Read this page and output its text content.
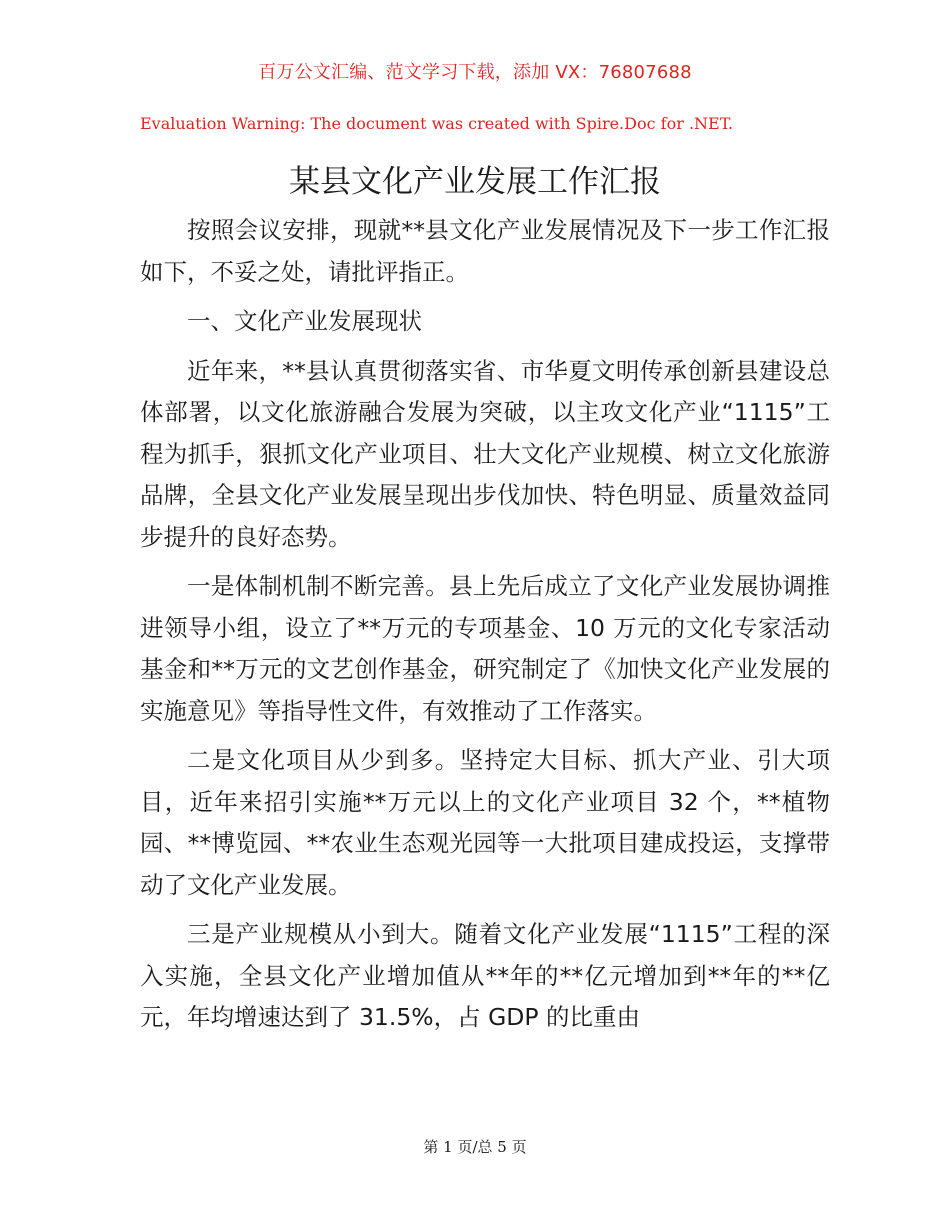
百万公文汇编、范文学习下载，添加 VX：76807688
Evaluation Warning: The document was created with Spire.Doc for .NET.
某县文化产业发展工作汇报

按照会议安排，现就**县文化产业发展情况及下一步工作汇报如下，不妥之处，请批评指正。

一、文化产业发展现状

近年来，**县认真贯彻落实省、市华夏文明传承创新县建设总体部署，以文化旅游融合发展为突破，以主攻文化产业“1115”工程为抓手，狠抓文化产业项目、壮大文化产业规模、树立文化旅游品牌，全县文化产业发展呈现出步伐加快、特色明显、质量效益同步提升的良好态势。

一是体制机制不断完善。县上先后成立了文化产业发展协调推进领导小组，设立了**万元的专项基金、10 万元的文化专家活动基金和**万元的文艺创作基金，研究制定了《加快文化产业发展的实施意见》等指导性文件，有效推动了工作落实。

二是文化项目从少到多。坚持定大目标、抓大产业、引大项目，近年来招引实施**万元以上的文化产业项目 32 个，**植物园、**博览园、**农业生态观光园等一大批项目建成投运，支撑带动了文化产业发展。

三是产业规模从小到大。随着文化产业发展“1115”工程的深入实施，全县文化产业增加值从**年的**亿元增加到**年的**亿元，年均增速达到了 31.5%，占 GDP 的比重由

第 1 页/总 5 页
